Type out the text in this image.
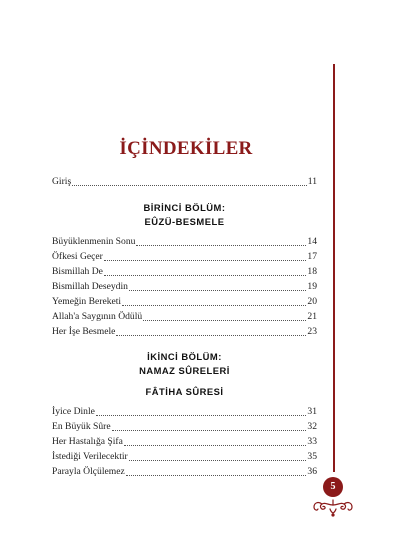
İÇİNDEKİLER
Giriş	11
BİRİNCİ BÖLÜM:
EÛZÜ-BESMELE
Büyüklenmenin Sonu	14
Öfkesi Geçer	17
Bismillah De	18
Bismillah Deseydin	19
Yemeğin Bereketi	20
Allah'a Saygının Ödülü	21
Her İşe Besmele	23
İKİNCİ BÖLÜM:
NAMAZ SÛRELERİ
FÂTİHA SÛRESİ
İyice Dinle	31
En Büyük Sûre	32
Her Hastalığa Şifa	33
İstediği Verilecektir	35
Parayla Ölçülemez	36
5
